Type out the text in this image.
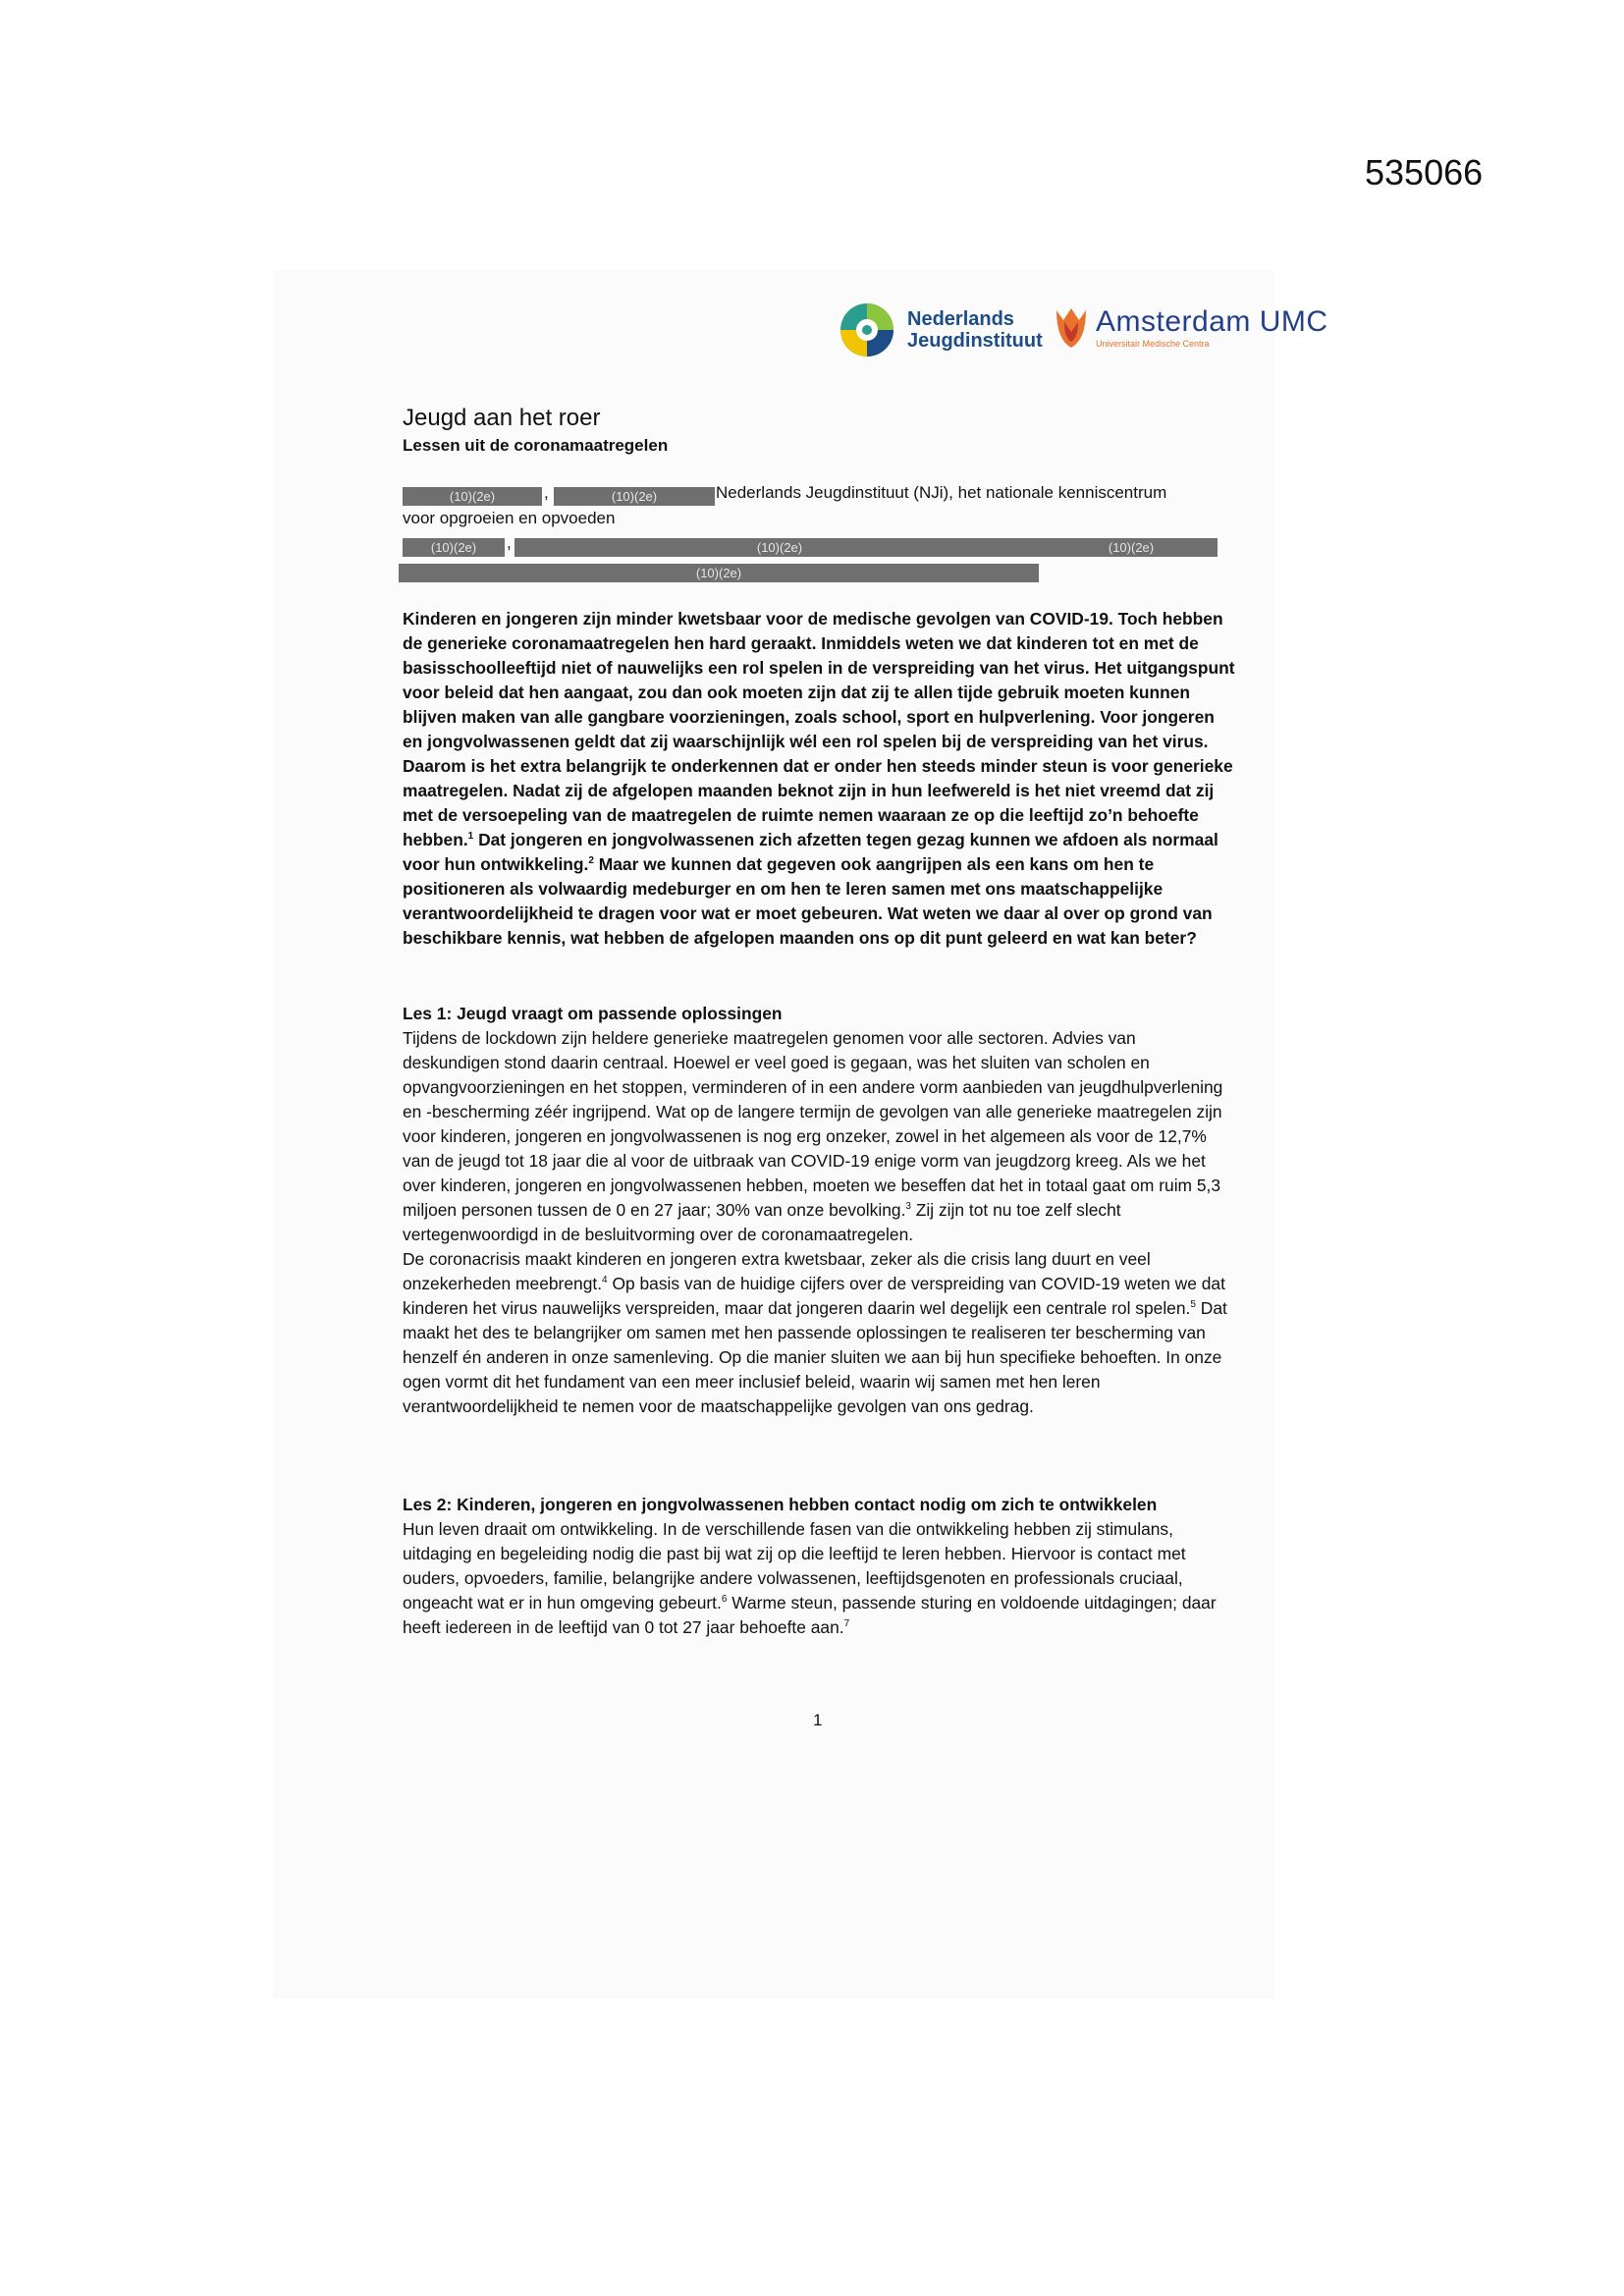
535066
Nederlands
Jeugdinstituut
Amsterdam UMC
Universitair Medische Centra
Jeugd aan het roer
Lessen uit de coronamaatregelen
(10)(2e)	,	(10)(2e)	Nederlands Jeugdinstituut (NJi), het nationale kenniscentrum
voor opgroeien en opvoeden
(10)(2e)	,	(10)(2e)	(10)(2e)
(10)(2e)

Kinderen en jongeren zijn minder kwetsbaar voor de medische gevolgen van COVID-19. Toch hebben de generieke coronamaatregelen hen hard geraakt. Inmiddels weten we dat kinderen tot en met de basisschoolleeftijd niet of nauwelijks een rol spelen in de verspreiding van het virus. Het uitgangspunt voor beleid dat hen aangaat, zou dan ook moeten zijn dat zij te allen tijde gebruik moeten kunnen blijven maken van alle gangbare voorzieningen, zoals school, sport en hulpverlening. Voor jongeren en jongvolwassenen geldt dat zij waarschijnlijk wél een rol spelen bij de verspreiding van het virus. Daarom is het extra belangrijk te onderkennen dat er onder hen steeds minder steun is voor generieke maatregelen. Nadat zij de afgelopen maanden beknot zijn in hun leefwereld is het niet vreemd dat zij met de versoepeling van de maatregelen de ruimte nemen waaraan ze op die leeftijd zo’n behoefte hebben.$^1$ Dat jongeren en jongvolwassenen zich afzetten tegen gezag kunnen we afdoen als normaal voor hun ontwikkeling.$^2$ Maar we kunnen dat gegeven ook aangrijpen als een kans om hen te positioneren als volwaardig medeburger en om hen te leren samen met ons maatschappelijke verantwoordelijkheid te dragen voor wat er moet gebeuren. Wat weten we daar al over op grond van beschikbare kennis, wat hebben de afgelopen maanden ons op dit punt geleerd en wat kan beter?

Les 1: Jeugd vraagt om passende oplossingen
Tijdens de lockdown zijn heldere generieke maatregelen genomen voor alle sectoren. Advies van deskundigen stond daarin centraal. Hoewel er veel goed is gegaan, was het sluiten van scholen en opvangvoorzieningen en het stoppen, verminderen of in een andere vorm aanbieden van jeugdhulpverlening en -bescherming zéér ingrijpend. Wat op de langere termijn de gevolgen van alle generieke maatregelen zijn voor kinderen, jongeren en jongvolwassenen is nog erg onzeker, zowel in het algemeen als voor de 12,7% van de jeugd tot 18 jaar die al voor de uitbraak van COVID-19 enige vorm van jeugdzorg kreeg. Als we het over kinderen, jongeren en jongvolwassenen hebben, moeten we beseffen dat het in totaal gaat om ruim 5,3 miljoen personen tussen de 0 en 27 jaar; 30% van onze bevolking.$^3$ Zij zijn tot nu toe zelf slecht vertegenwoordigd in de besluitvorming over de coronamaatregelen.
De coronacrisis maakt kinderen en jongeren extra kwetsbaar, zeker als die crisis lang duurt en veel onzekerheden meebrengt.$^4$ Op basis van de huidige cijfers over de verspreiding van COVID-19 weten we dat kinderen het virus nauwelijks verspreiden, maar dat jongeren daarin wel degelijk een centrale rol spelen.$^5$ Dat maakt het des te belangrijker om samen met hen passende oplossingen te realiseren ter bescherming van henzelf én anderen in onze samenleving. Op die manier sluiten we aan bij hun specifieke behoeften. In onze ogen vormt dit het fundament van een meer inclusief beleid, waarin wij samen met hen leren verantwoordelijkheid te nemen voor de maatschappelijke gevolgen van ons gedrag.
Les 2: Kinderen, jongeren en jongvolwassenen hebben contact nodig om zich te ontwikkelen
Hun leven draait om ontwikkeling. In de verschillende fasen van die ontwikkeling hebben zij stimulans, uitdaging en begeleiding nodig die past bij wat zij op die leeftijd te leren hebben. Hiervoor is contact met ouders, opvoeders, familie, belangrijke andere volwassenen, leeftijdsgenoten en professionals cruciaal, ongeacht wat er in hun omgeving gebeurt.$^6$ Warme steun, passende sturing en voldoende uitdagingen; daar heeft iedereen in de leeftijd van 0 tot 27 jaar behoefte aan.$^7$
1
